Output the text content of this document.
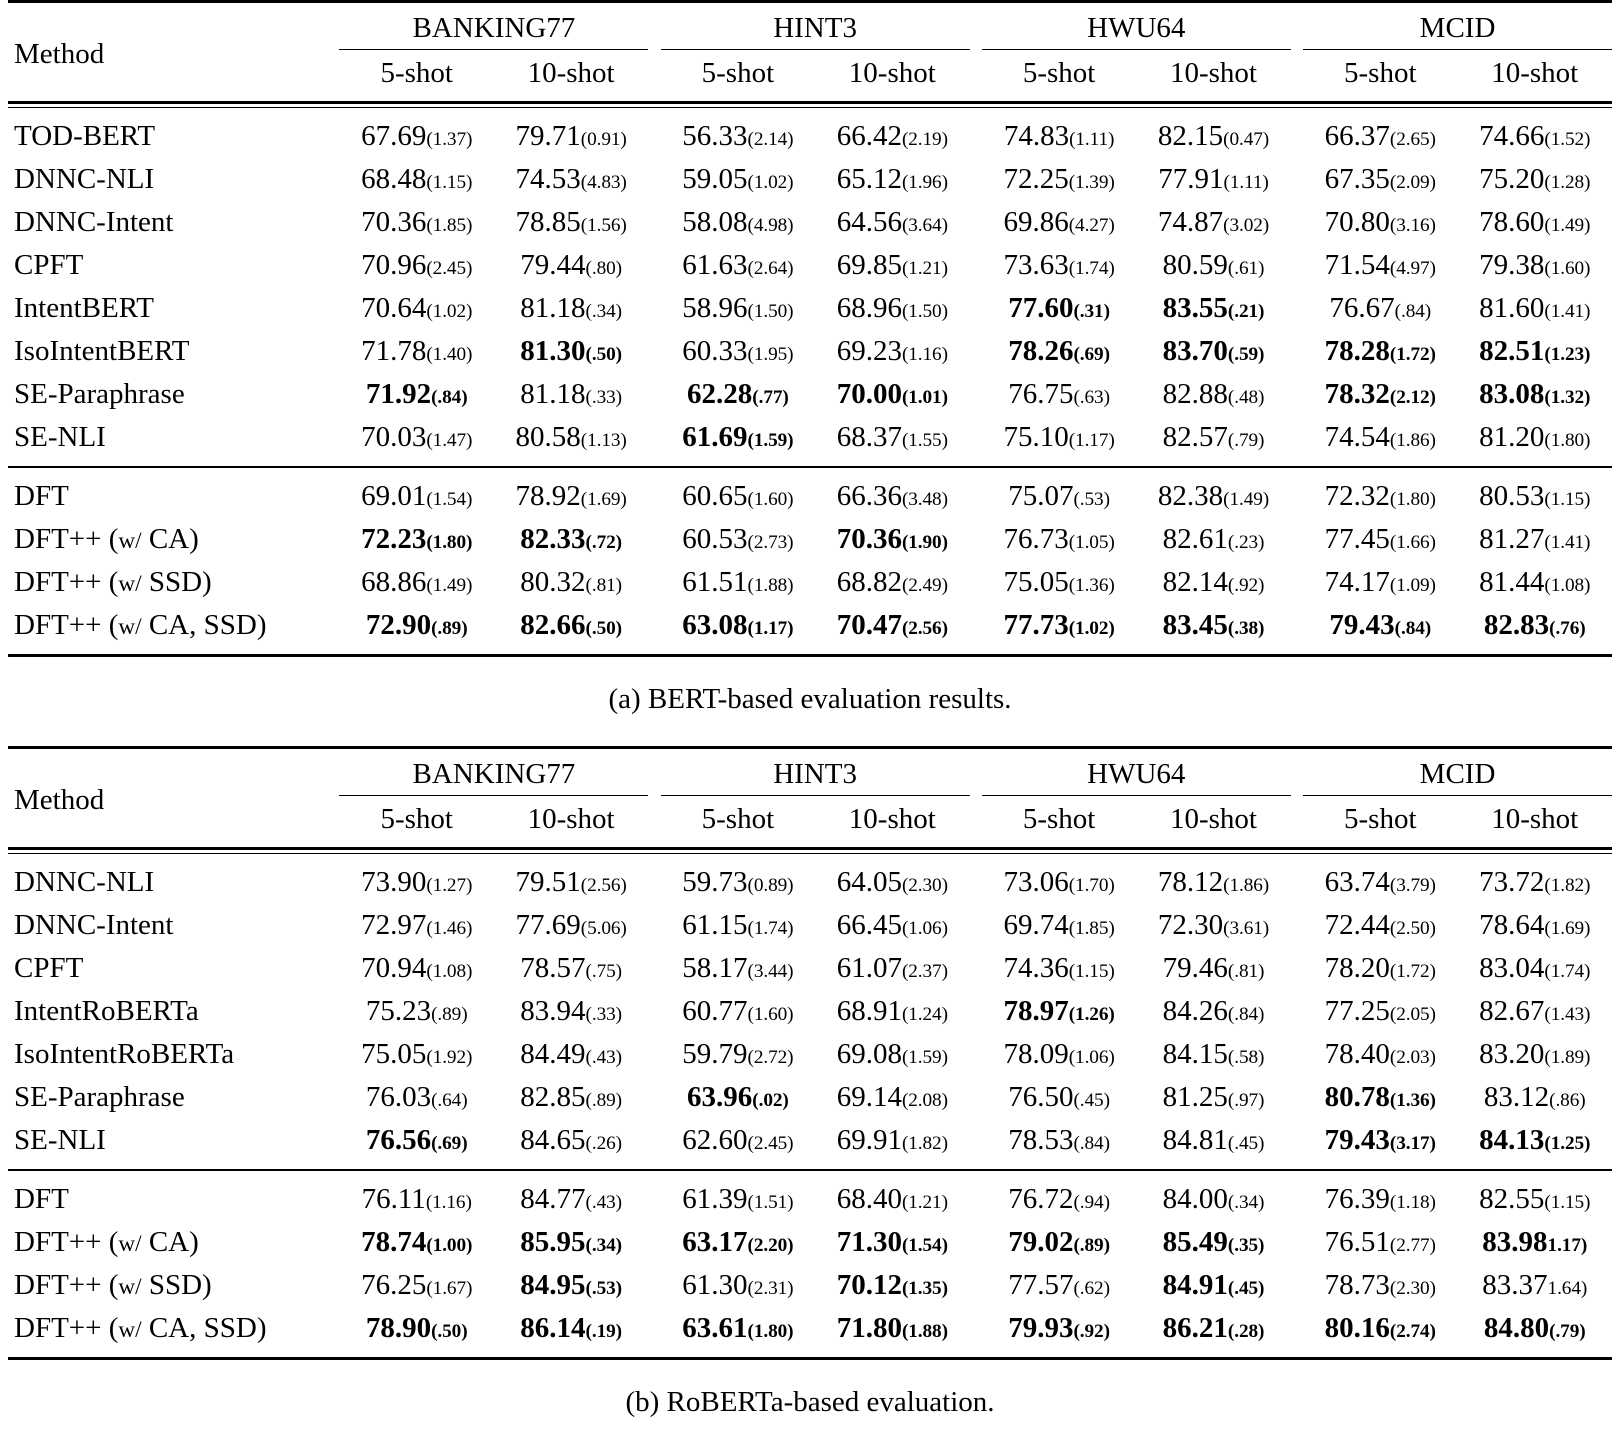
Method		BANKING77			HINT3			HWU64			MCID	

		5-shot	10-shot		5-shot	10-shot		5-shot	10-shot		5-shot	10-shot

TOD-BERT		67.69(1.37)	79.71(0.91)		56.33(2.14)	66.42(2.19)		74.83(1.11)	82.15(0.47)		66.37(2.65)	74.66(1.52)
DNNC-NLI		68.48(1.15)	74.53(4.83)		59.05(1.02)	65.12(1.96)		72.25(1.39)	77.91(1.11)		67.35(2.09)	75.20(1.28)
DNNC-Intent		70.36(1.85)	78.85(1.56)		58.08(4.98)	64.56(3.64)		69.86(4.27)	74.87(3.02)		70.80(3.16)	78.60(1.49)
CPFT		70.96(2.45)	79.44(.80)		61.63(2.64)	69.85(1.21)		73.63(1.74)	80.59(.61)		71.54(4.97)	79.38(1.60)
IntentBERT		70.64(1.02)	81.18(.34)		58.96(1.50)	68.96(1.50)		77.60(.31)	83.55(.21)		76.67(.84)	81.60(1.41)
IsoIntentBERT		71.78(1.40)	81.30(.50)		60.33(1.95)	69.23(1.16)		78.26(.69)	83.70(.59)		78.28(1.72)	82.51(1.23)
SE-Paraphrase		71.92(.84)	81.18(.33)		62.28(.77)	70.00(1.01)		76.75(.63)	82.88(.48)		78.32(2.12)	83.08(1.32)
SE-NLI		70.03(1.47)	80.58(1.13)		61.69(1.59)	68.37(1.55)		75.10(1.17)	82.57(.79)		74.54(1.86)	81.20(1.80)

DFT		69.01(1.54)	78.92(1.69)		60.65(1.60)	66.36(3.48)		75.07(.53)	82.38(1.49)		72.32(1.80)	80.53(1.15)
DFT++ (w/ CA)		72.23(1.80)	82.33(.72)		60.53(2.73)	70.36(1.90)		76.73(1.05)	82.61(.23)		77.45(1.66)	81.27(1.41)
DFT++ (w/ SSD)		68.86(1.49)	80.32(.81)		61.51(1.88)	68.82(2.49)		75.05(1.36)	82.14(.92)		74.17(1.09)	81.44(1.08)
DFT++ (w/ CA, SSD)		72.90(.89)	82.66(.50)		63.08(1.17)	70.47(2.56)		77.73(1.02)	83.45(.38)		79.43(.84)	82.83(.76)

(a) BERT-based evaluation results.

Method		BANKING77			HINT3			HWU64			MCID	

		5-shot	10-shot		5-shot	10-shot		5-shot	10-shot		5-shot	10-shot

DNNC-NLI		73.90(1.27)	79.51(2.56)		59.73(0.89)	64.05(2.30)		73.06(1.70)	78.12(1.86)		63.74(3.79)	73.72(1.82)
DNNC-Intent		72.97(1.46)	77.69(5.06)		61.15(1.74)	66.45(1.06)		69.74(1.85)	72.30(3.61)		72.44(2.50)	78.64(1.69)
CPFT		70.94(1.08)	78.57(.75)		58.17(3.44)	61.07(2.37)		74.36(1.15)	79.46(.81)		78.20(1.72)	83.04(1.74)
IntentRoBERTa		75.23(.89)	83.94(.33)		60.77(1.60)	68.91(1.24)		78.97(1.26)	84.26(.84)		77.25(2.05)	82.67(1.43)
IsoIntentRoBERTa		75.05(1.92)	84.49(.43)		59.79(2.72)	69.08(1.59)		78.09(1.06)	84.15(.58)		78.40(2.03)	83.20(1.89)
SE-Paraphrase		76.03(.64)	82.85(.89)		63.96(.02)	69.14(2.08)		76.50(.45)	81.25(.97)		80.78(1.36)	83.12(.86)
SE-NLI		76.56(.69)	84.65(.26)		62.60(2.45)	69.91(1.82)		78.53(.84)	84.81(.45)		79.43(3.17)	84.13(1.25)

DFT		76.11(1.16)	84.77(.43)		61.39(1.51)	68.40(1.21)		76.72(.94)	84.00(.34)		76.39(1.18)	82.55(1.15)
DFT++ (w/ CA)		78.74(1.00)	85.95(.34)		63.17(2.20)	71.30(1.54)		79.02(.89)	85.49(.35)		76.51(2.77)	83.981.17)
DFT++ (w/ SSD)		76.25(1.67)	84.95(.53)		61.30(2.31)	70.12(1.35)		77.57(.62)	84.91(.45)		78.73(2.30)	83.371.64)
DFT++ (w/ CA, SSD)		78.90(.50)	86.14(.19)		63.61(1.80)	71.80(1.88)		79.93(.92)	86.21(.28)		80.16(2.74)	84.80(.79)

(b) RoBERTa-based evaluation.
